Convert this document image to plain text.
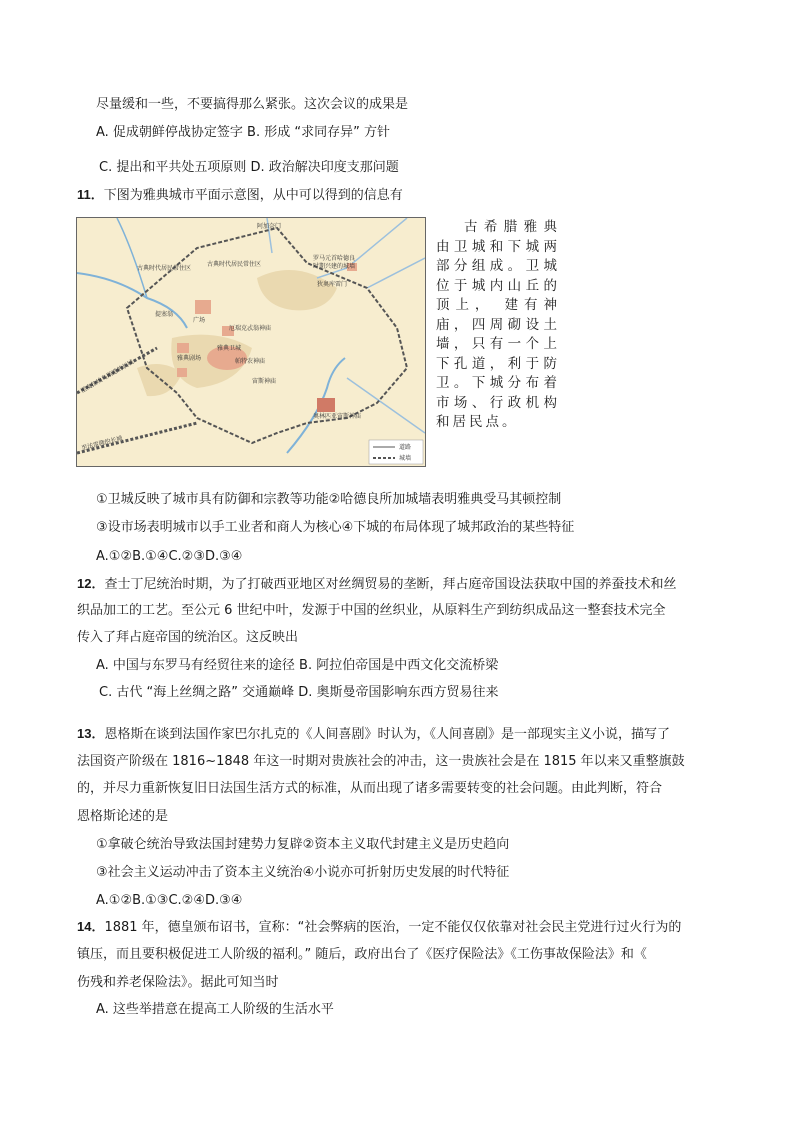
尽量缓和一些，不要搞得那么紧张。这次会议的成果是
A. 促成朝鲜停战协定签字 B. 形成 “求同存异” 方针
C. 提出和平共处五项原则 D. 政治解决印度支那问题
11．下图为雅典城市平面示意图，从中可以得到的信息有
阿加奈门
古典时代居民常住区
古典时代居民常住区
罗马元首哈德良
时期兴建的城墙
狄奥库雷门
提塞翁
广场
厄瑞克忒翁神庙
帕特农神庙
雅典卫城
雅典剧场
宙斯神庙
奥林匹亚宙斯神庙
至皮拉埃乌斯港的长城
至法雷隆的长城	道路
城墙
古希腊雅典由卫城和下城两部分组成。卫城位于城内山丘的顶上， 建有神庙，四周砌设土墙，只有一个上下孔道，利于防卫。下城分布着市场、行政机构和居民点。
①卫城反映了城市具有防御和宗教等功能②哈德良所加城墙表明雅典受马其顿控制
③设市场表明城市以手工业者和商人为核心④下城的布局体现了城邦政治的某些特征
A.①②B.①④C.②③D.③④
12．查士丁尼统治时期，为了打破西亚地区对丝绸贸易的垄断，拜占庭帝国设法获取中国的养蚕技术和丝
织品加工的工艺。至公元 6 世纪中叶，发源于中国的丝织业，从原料生产到纺织成品这一整套技术完全
传入了拜占庭帝国的统治区。这反映出
A. 中国与东罗马有经贸往来的途径 B. 阿拉伯帝国是中西文化交流桥梁
C. 古代 “海上丝绸之路” 交通巅峰 D. 奥斯曼帝国影响东西方贸易往来
13．恩格斯在谈到法国作家巴尔扎克的《人间喜剧》时认为，《人间喜剧》是一部现实主义小说，描写了
法国资产阶级在 1816~1848 年这一时期对贵族社会的冲击，这一贵族社会是在 1815 年以来又重整旗鼓
的，并尽力重新恢复旧日法国生活方式的标准，从而出现了诸多需要转变的社会问题。由此判断，符合
恩格斯论述的是
①拿破仑统治导致法国封建势力复辟②资本主义取代封建主义是历史趋向
③社会主义运动冲击了资本主义统治④小说亦可折射历史发展的时代特征
A.①②B.①③C.②④D.③④
14．1881 年，德皇颁布诏书，宣称：“社会弊病的医治，一定不能仅仅依靠对社会民主党进行过火行为的
镇压，而且要积极促进工人阶级的福利。” 随后，政府出台了《医疗保险法》《工伤事故保险法》和《
伤残和养老保险法》。据此可知当时
A. 这些举措意在提高工人阶级的生活水平
